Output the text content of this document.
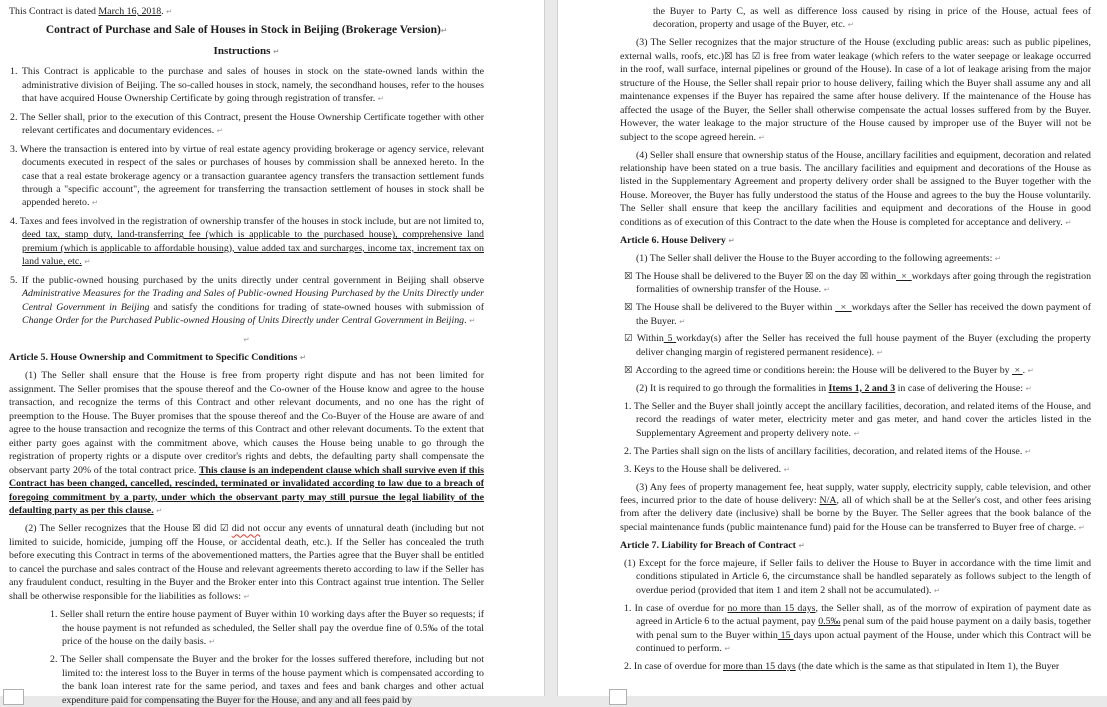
This Contract is dated March 16, 2018. ↵
Contract of Purchase and Sale of Houses in Stock in Beijing (Brokerage Version)↵
Instructions ↵
1. This Contract is applicable to the purchase and sales of houses in stock on the state-owned lands within the administrative division of Beijing. The so-called houses in stock, namely, the secondhand houses, refer to the houses that have acquired House Ownership Certificate by going through registration of transfer. ↵
2. The Seller shall, prior to the execution of this Contract, present the House Ownership Certificate together with other relevant certificates and documentary evidences. ↵
3. Where the transaction is entered into by virtue of real estate agency providing brokerage or agency service, relevant documents executed in respect of the sales or purchases of houses by commission shall be annexed hereto. In the case that a real estate brokerage agency or a transaction guarantee agency transfers the transaction settlement funds through a "specific account", the agreement for transferring the transaction settlement of houses in stock shall be appended hereto. ↵
4. Taxes and fees involved in the registration of ownership transfer of the houses in stock include, but are not limited to, deed tax, stamp duty, land-transferring fee (which is applicable to the purchased house), comprehensive land premium (which is applicable to affordable housing), value added tax and surcharges, income tax, increment tax on land value, etc. ↵
5. If the public-owned housing purchased by the units directly under central government in Beijing shall observe Administrative Measures for the Trading and Sales of Public-owned Housing Purchased by the Units Directly under Central Government in Beijing and satisfy the conditions for trading of state-owned houses with submission of Change Order for the Purchased Public-owned Housing of Units Directly under Central Government in Beijing. ↵
↵
Article 5. House Ownership and Commitment to Specific Conditions ↵
(1) The Seller shall ensure that the House is free from property right dispute and has not been limited for assignment. The Seller promises that the spouse thereof and the Co-owner of the House know and agree to the house transaction, and recognize the terms of this Contract and other relevant documents, and no one has the right of preemption to the House. The Buyer promises that the spouse thereof and the Co-Buyer of the House are aware of and agree to the house transaction and recognize the terms of this Contract and other relevant documents. To the extent that either party goes against with the commitment above, which causes the House being unable to go through the registration of property rights or a dispute over creditor's rights and debts, the defaulting party shall compensate the observant party 20% of the total contract price. This clause is an independent clause which shall survive even if this Contract has been changed, cancelled, rescinded, terminated or invalidated according to law due to a breach of foregoing commitment by a party, under which the observant party may still pursue the legal liability of the defaulting party as per this clause. ↵
(2) The Seller recognizes that the House ☒ did ☑ did not occur any events of unnatural death (including but not limited to suicide, homicide, jumping off the House, or accidental death, etc.). If the Seller has concealed the truth before executing this Contract in terms of the abovementioned matters, the Parties agree that the Buyer shall be entitled to cancel the purchase and sales contract of the House and relevant agreements thereto according to law if the Seller has any fraudulent conduct, resulting in the Buyer and the Broker enter into this Contract against true intention. The Seller shall be otherwise responsible for the liabilities as follows: ↵
1. Seller shall return the entire house payment of Buyer within 10 working days after the Buyer so requests; if the house payment is not refunded as scheduled, the Seller shall pay the overdue fine of 0.5‰ of the total price of the house on the daily basis. ↵
2. The Seller shall compensate the Buyer and the broker for the losses suffered therefore, including but not limited to: the interest loss to the Buyer in terms of the house payment which is compensated according to the bank loan interest rate for the same period, and taxes and fees and bank charges and other actual expenditure paid for compensating the Buyer for the House, and any and all fees paid by
the Buyer to Party C, as well as difference loss caused by rising in price of the House, actual fees of decoration, property and usage of the Buyer, etc. ↵
(3) The Seller recognizes that the major structure of the House (excluding public areas: such as public pipelines, external walls, roofs, etc.)☒ has ☑ is free from water leakage (which refers to the water seepage or leakage occurred in the roof, wall surface, internal pipelines or ground of the House). In case of a lot of leakage arising from the major structure of the House, the Seller shall repair prior to house delivery, failing which the Buyer shall assume any and all maintenance expenses if the Buyer has repaired the same after house delivery. If the maintenance of the House has affected the usage of the Buyer, the Seller shall otherwise compensate the actual losses suffered from by the Buyer. However, the water leakage to the major structure of the House caused by improper use of the Buyer will not be subject to the scope agreed herein. ↵
(4) Seller shall ensure that ownership status of the House, ancillary facilities and equipment, decoration and related relationship have been stated on a true basis. The ancillary facilities and equipment and decorations of the House as listed in the Supplementary Agreement and property delivery order shall be assigned to the Buyer together with the House. Moreover, the Buyer has fully understood the status of the House and agrees to the buy the House voluntarily. The Seller shall ensure that keep the ancillary facilities and equipment and decorations of the House in good conditions as of execution of this Contract to the date when the House is completed for acceptance and delivery. ↵
Article 6. House Delivery ↵
(1) The Seller shall deliver the House to the Buyer according to the following agreements: ↵
☒ The House shall be delivered to the Buyer ☒ on the day ☒ within  ×  workdays after going through the registration formalities of ownership transfer of the House. ↵
☒ The House shall be delivered to the Buyer within   ×  workdays after the Seller has received the down payment of the Buyer. ↵
☑ Within 5 workday(s) after the Seller has received the full house payment of the Buyer (excluding the property deliver changing margin of registered permanent residence). ↵
☒ According to the agreed time or conditions herein: the House will be delivered to the Buyer by  × . ↵
(2) It is required to go through the formalities in Items 1, 2 and 3 in case of delivering the House: ↵
1. The Seller and the Buyer shall jointly accept the ancillary facilities, decoration, and related items of the House, and record the readings of water meter, electricity meter and gas meter, and hand cover the articles listed in the Supplementary Agreement and property delivery note. ↵
2. The Parties shall sign on the lists of ancillary facilities, decoration, and related items of the House. ↵
3. Keys to the House shall be delivered. ↵
(3) Any fees of property management fee, heat supply, water supply, electricity supply, cable television, and other fees, incurred prior to the date of house delivery: N/A, all of which shall be at the Seller's cost, and other fees arising from after the delivery date (inclusive) shall be borne by the Buyer. The Seller agrees that the book balance of the special maintenance funds (public maintenance fund) paid for the House can be transferred to Buyer free of charge. ↵
Article 7. Liability for Breach of Contract ↵
(1) Except for the force majeure, if Seller fails to deliver the House to Buyer in accordance with the time limit and conditions stipulated in Article 6, the circumstance shall be handled separately as follows subject to the length of overdue period (provided that item 1 and item 2 shall not be accumulated). ↵
1. In case of overdue for no more than 15 days, the Seller shall, as of the morrow of expiration of payment date as agreed in Article 6 to the actual payment, pay 0.5‰ penal sum of the paid house payment on a daily basis, together with penal sum to the Buyer within 15 days upon actual payment of the House, under which this Contract will be continued to perform. ↵
2. In case of overdue for more than 15 days (the date which is the same as that stipulated in Item 1), the Buyer
